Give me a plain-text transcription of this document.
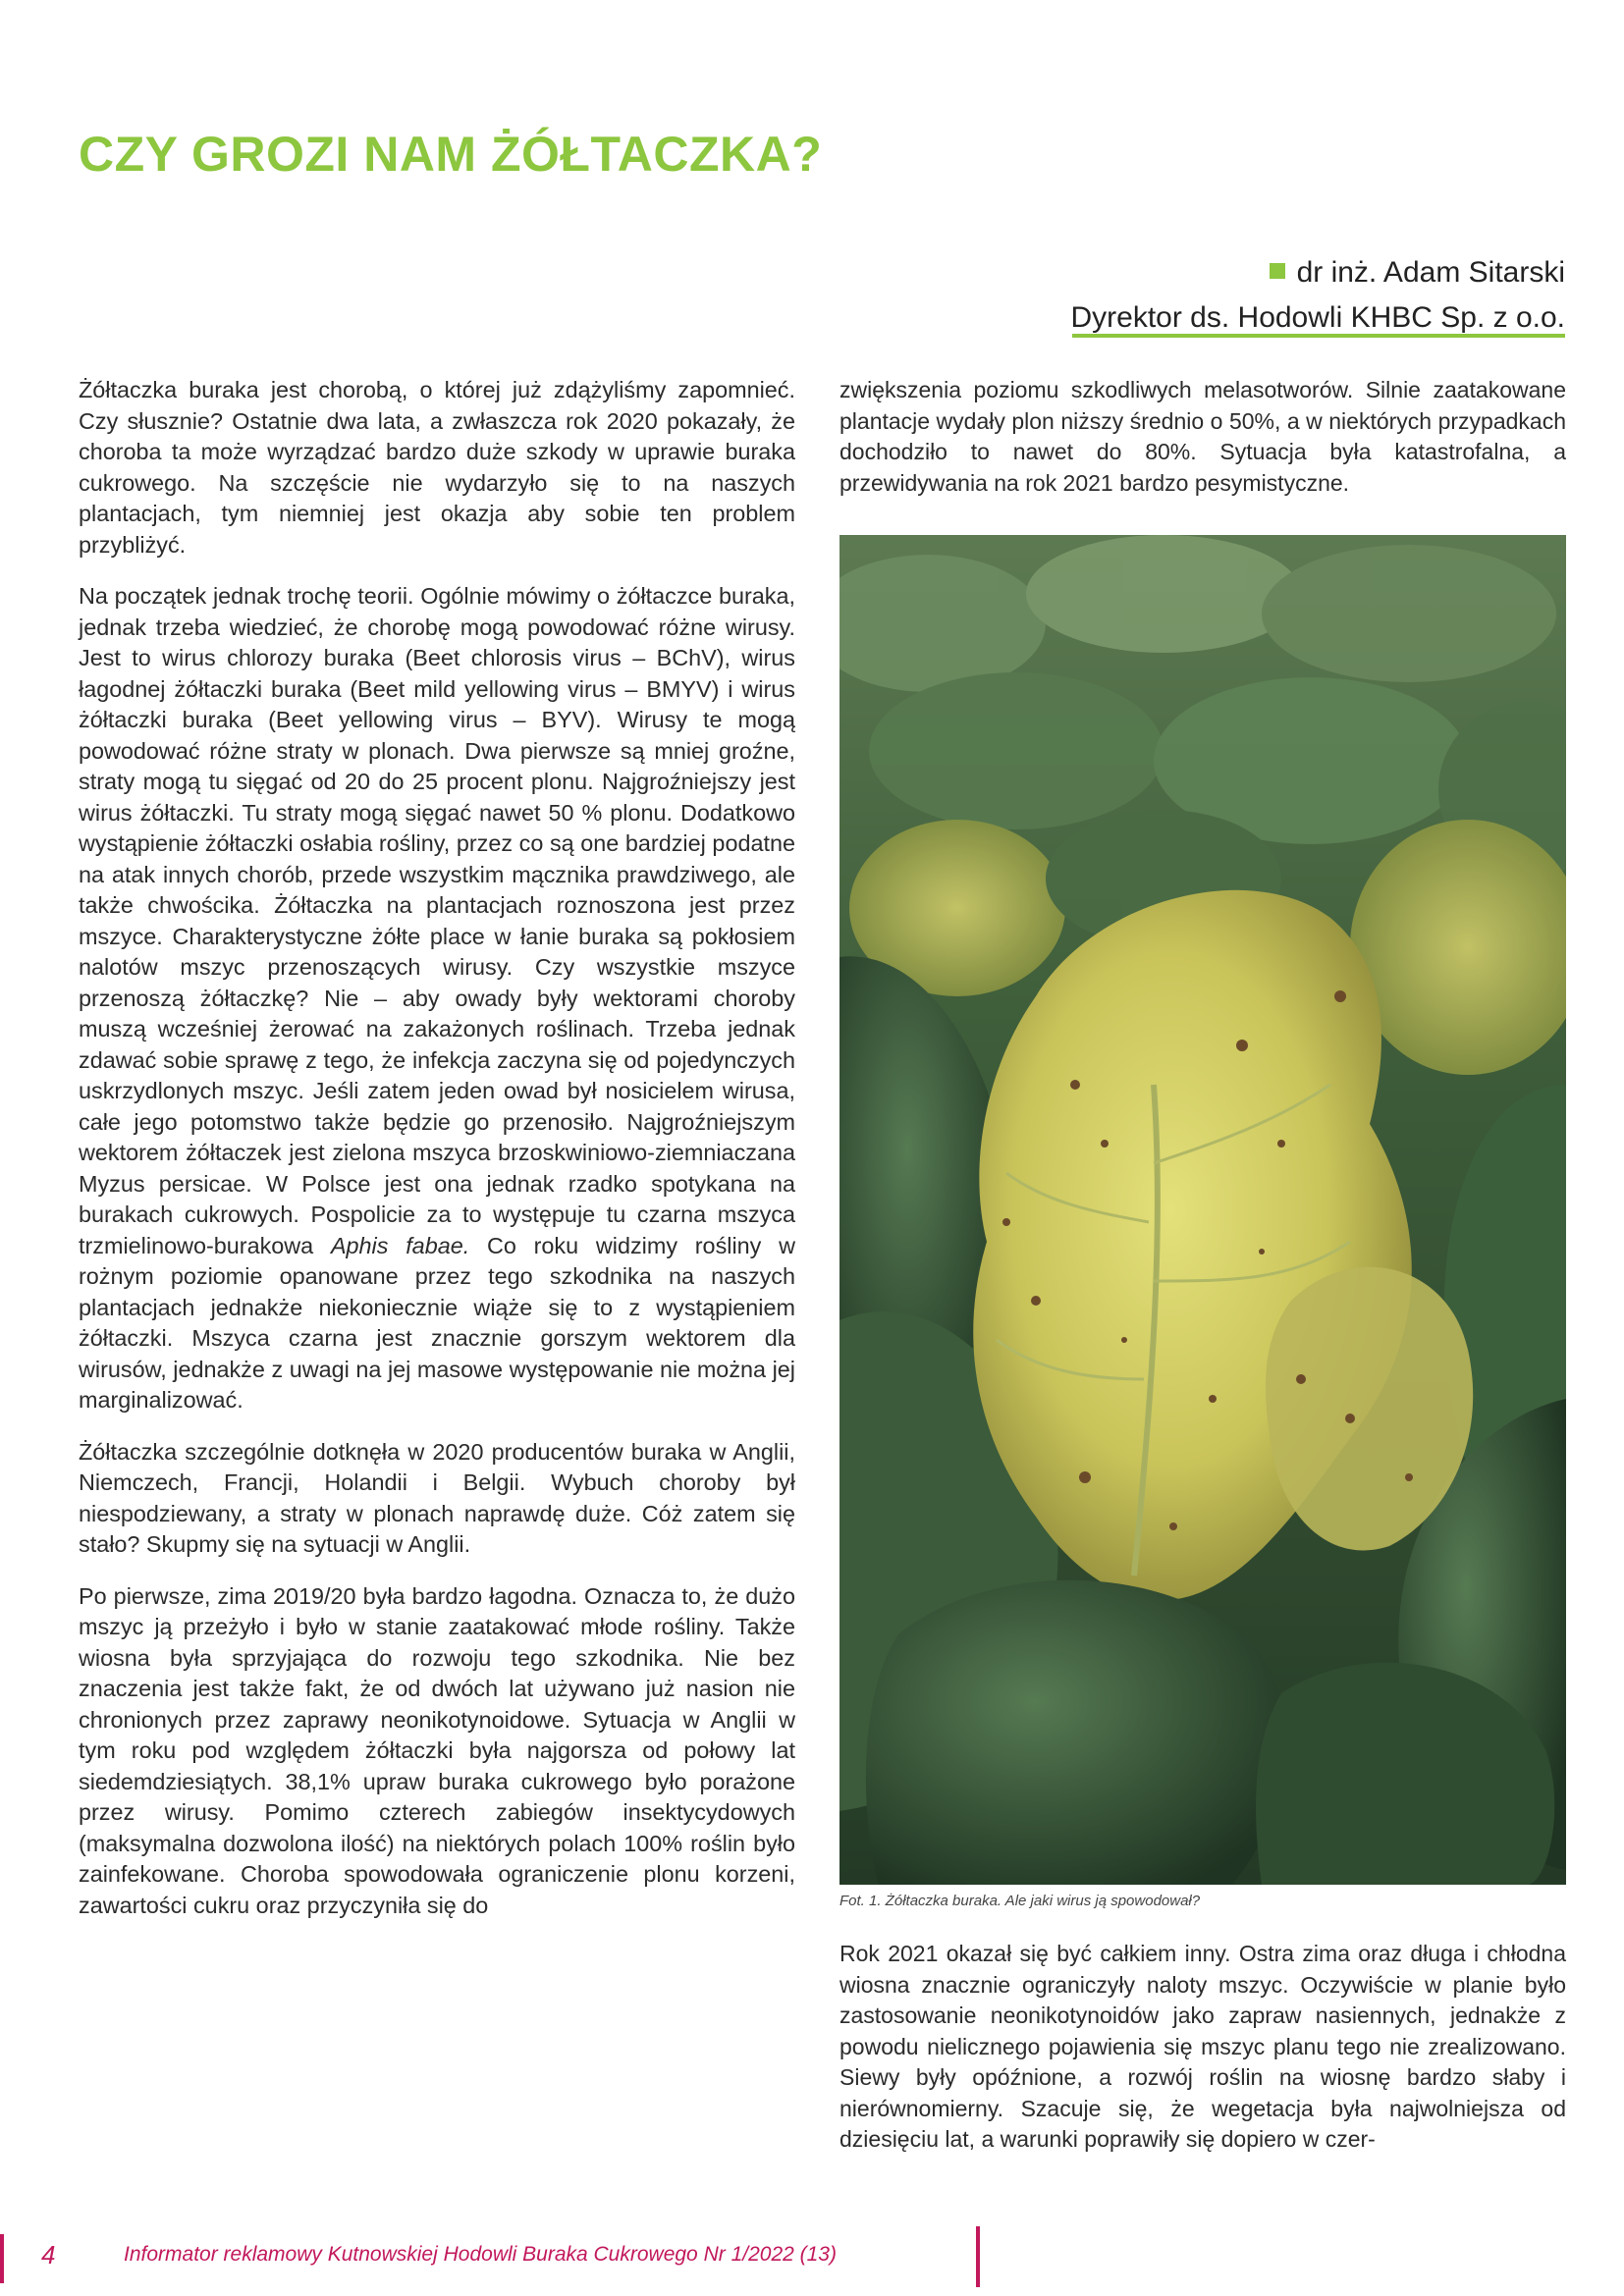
CZY GROZI NAM ŻÓŁTACZKA?
dr inż. Adam Sitarski
Dyrektor ds. Hodowli KHBC Sp. z o.o.

Żółtaczka buraka jest chorobą, o której już zdążyliśmy zapomnieć. Czy słusznie? Ostatnie dwa lata, a zwłaszcza rok 2020 pokazały, że choroba ta może wyrządzać bardzo duże szkody w uprawie buraka cukrowego. Na szczęście nie wydarzyło się to na naszych plantacjach, tym niemniej jest okazja aby sobie ten problem przybliżyć.

Na początek jednak trochę teorii. Ogólnie mówimy o żółtaczce buraka, jednak trzeba wiedzieć, że chorobę mogą powodować różne wirusy. Jest to wirus chlorozy buraka (Beet chlorosis virus – BChV), wirus łagodnej żółtaczki buraka (Beet mild yellowing virus – BMYV) i wirus żółtaczki buraka (Beet yellowing virus – BYV). Wirusy te mogą powodować różne straty w plonach. Dwa pierwsze są mniej groźne, straty mogą tu sięgać od 20 do 25 procent plonu. Najgroźniejszy jest wirus żółtaczki. Tu straty mogą sięgać nawet 50 % plonu. Dodatkowo wystąpienie żółtaczki osłabia rośliny, przez co są one bardziej podatne na atak innych chorób, przede wszystkim mącznika prawdziwego, ale także chwościka. Żółtaczka na plantacjach roznoszona jest przez mszyce. Charakterystyczne żółte place w łanie buraka są pokłosiem nalotów mszyc przenoszących wirusy. Czy wszystkie mszyce przenoszą żółtaczkę? Nie – aby owady były wektorami choroby muszą wcześniej żerować na zakażonych roślinach. Trzeba jednak zdawać sobie sprawę z tego, że infekcja zaczyna się od pojedynczych uskrzydlonych mszyc. Jeśli zatem jeden owad był nosicielem wirusa, całe jego potomstwo także będzie go przenosiło. Najgroźniejszym wektorem żółtaczek jest zielona mszyca brzoskwiniowo-ziemniaczana Myzus persicae. W Polsce jest ona jednak rzadko spotykana na burakach cukrowych. Pospolicie za to występuje tu czarna mszyca trzmielinowo-burakowa Aphis fabae. Co roku widzimy rośliny w rożnym poziomie opanowane przez tego szkodnika na naszych plantacjach jednakże niekoniecznie wiąże się to z wystąpieniem żółtaczki. Mszyca czarna jest znacznie gorszym wektorem dla wirusów, jednakże z uwagi na jej masowe występowanie nie można jej marginalizować.

Żółtaczka szczególnie dotknęła w 2020 producentów buraka w Anglii, Niemczech, Francji, Holandii i Belgii. Wybuch choroby był niespodziewany, a straty w plonach naprawdę duże. Cóż zatem się stało? Skupmy się na sytuacji w Anglii.

Po pierwsze, zima 2019/20 była bardzo łagodna. Oznacza to, że dużo mszyc ją przeżyło i było w stanie zaatakować młode rośliny. Także wiosna była sprzyjająca do rozwoju tego szkodnika. Nie bez znaczenia jest także fakt, że od dwóch lat używano już nasion nie chronionych przez zaprawy neonikotynoidowe. Sytuacja w Anglii w tym roku pod względem żółtaczki była najgorsza od połowy lat siedemdziesiątych. 38,1% upraw buraka cukrowego było porażone przez wirusy. Pomimo czterech zabiegów insektycydowych (maksymalna dozwolona ilość) na niektórych polach 100% roślin było zainfekowane. Choroba spowodowała ograniczenie plonu korzeni, zawartości cukru oraz przyczyniła się do

zwiększenia poziomu szkodliwych melasotworów. Silnie zaatakowane plantacje wydały plon niższy średnio o 50%, a w niektórych przypadkach dochodziło to nawet do 80%. Sytuacja była katastrofalna, a przewidywania na rok 2021 bardzo pesymistyczne.

Fot. 1. Żółtaczka buraka. Ale jaki wirus ją spowodował?

Rok 2021 okazał się być całkiem inny. Ostra zima oraz długa i chłodna wiosna znacznie ograniczyły naloty mszyc. Oczywiście w planie było zastosowanie neonikotynoidów jako zapraw nasiennych, jednakże z powodu nielicznego pojawienia się mszyc planu tego nie zrealizowano. Siewy były opóźnione, a rozwój roślin na wiosnę bardzo słaby i nierównomierny. Szacuje się, że wegetacja była najwolniejsza od dziesięciu lat, a warunki poprawiły się dopiero w czer-

4	Informator reklamowy Kutnowskiej Hodowli Buraka Cukrowego Nr 1/2022 (13)
